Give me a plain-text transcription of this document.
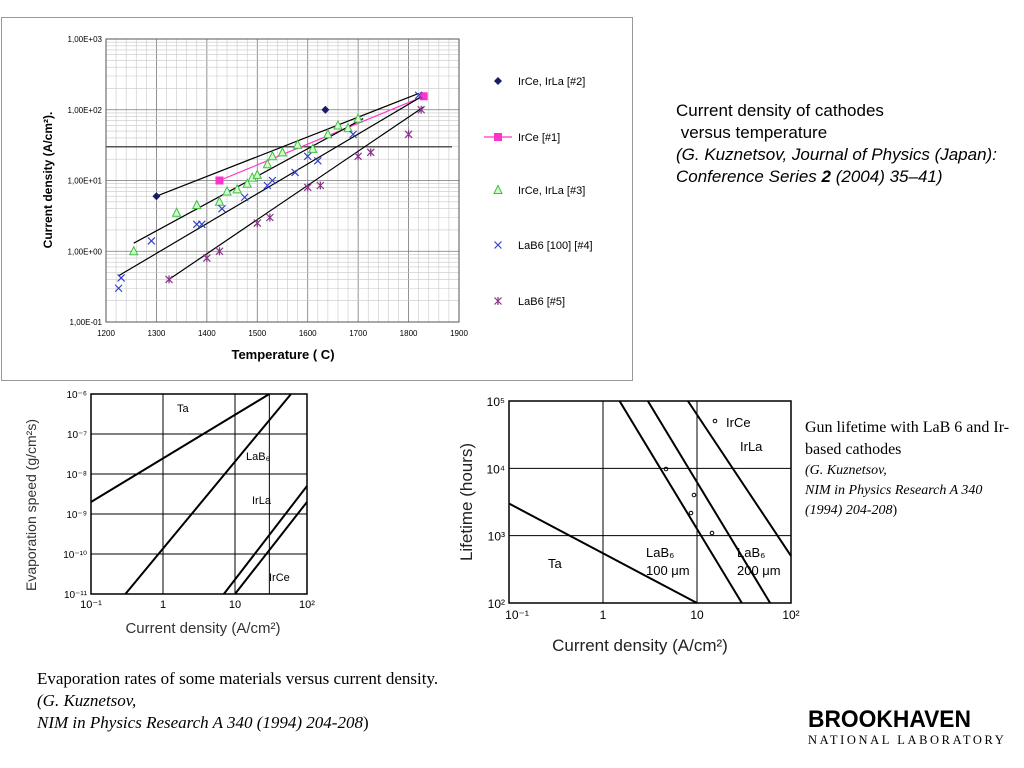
1200	1300	1400	1500	1600	1700	1800	1900
1,00E-01
1,00E+00
1,00E+01
1,00E+02
1,00E+03
IrCe, IrLa [#2]
IrCe [#1]
IrCe, IrLa [#3]
LaB6 [100] [#4]
LaB6 [#5]
Temperature ( C)
Current density (A/cm²).
10⁻¹	1	10	10²
10⁻⁶
10⁻⁷
10⁻⁸
10⁻⁹
10⁻¹⁰
10⁻¹¹
Ta
LaB₆
IrLa
IrCe
Current density (A/cm²)
Evaporation speed (g/cm²s)
10⁻¹	1	10	10²
10⁵
10⁴
10³
10²
IrCe
IrLa
Ta
LaB₆
100 μm
LaB₆
200 μm
Current density (A/cm²)
Lifetime (hours)
Current density of cathodes
versus temperature
(G. Kuznetsov, Journal of Physics (Japan):
Conference Series 2 (2004) 35–41)
Gun lifetime with LaB 6 and Ir-based cathodes
(G. Kuznetsov,
NIM in Physics Research A 340 (1994) 204-208)
Evaporation rates of some materials versus current density.
(G. Kuznetsov,
NIM in Physics Research A 340 (1994) 204-208)	BROOKHAVEN
NATIONAL LABORATORY
